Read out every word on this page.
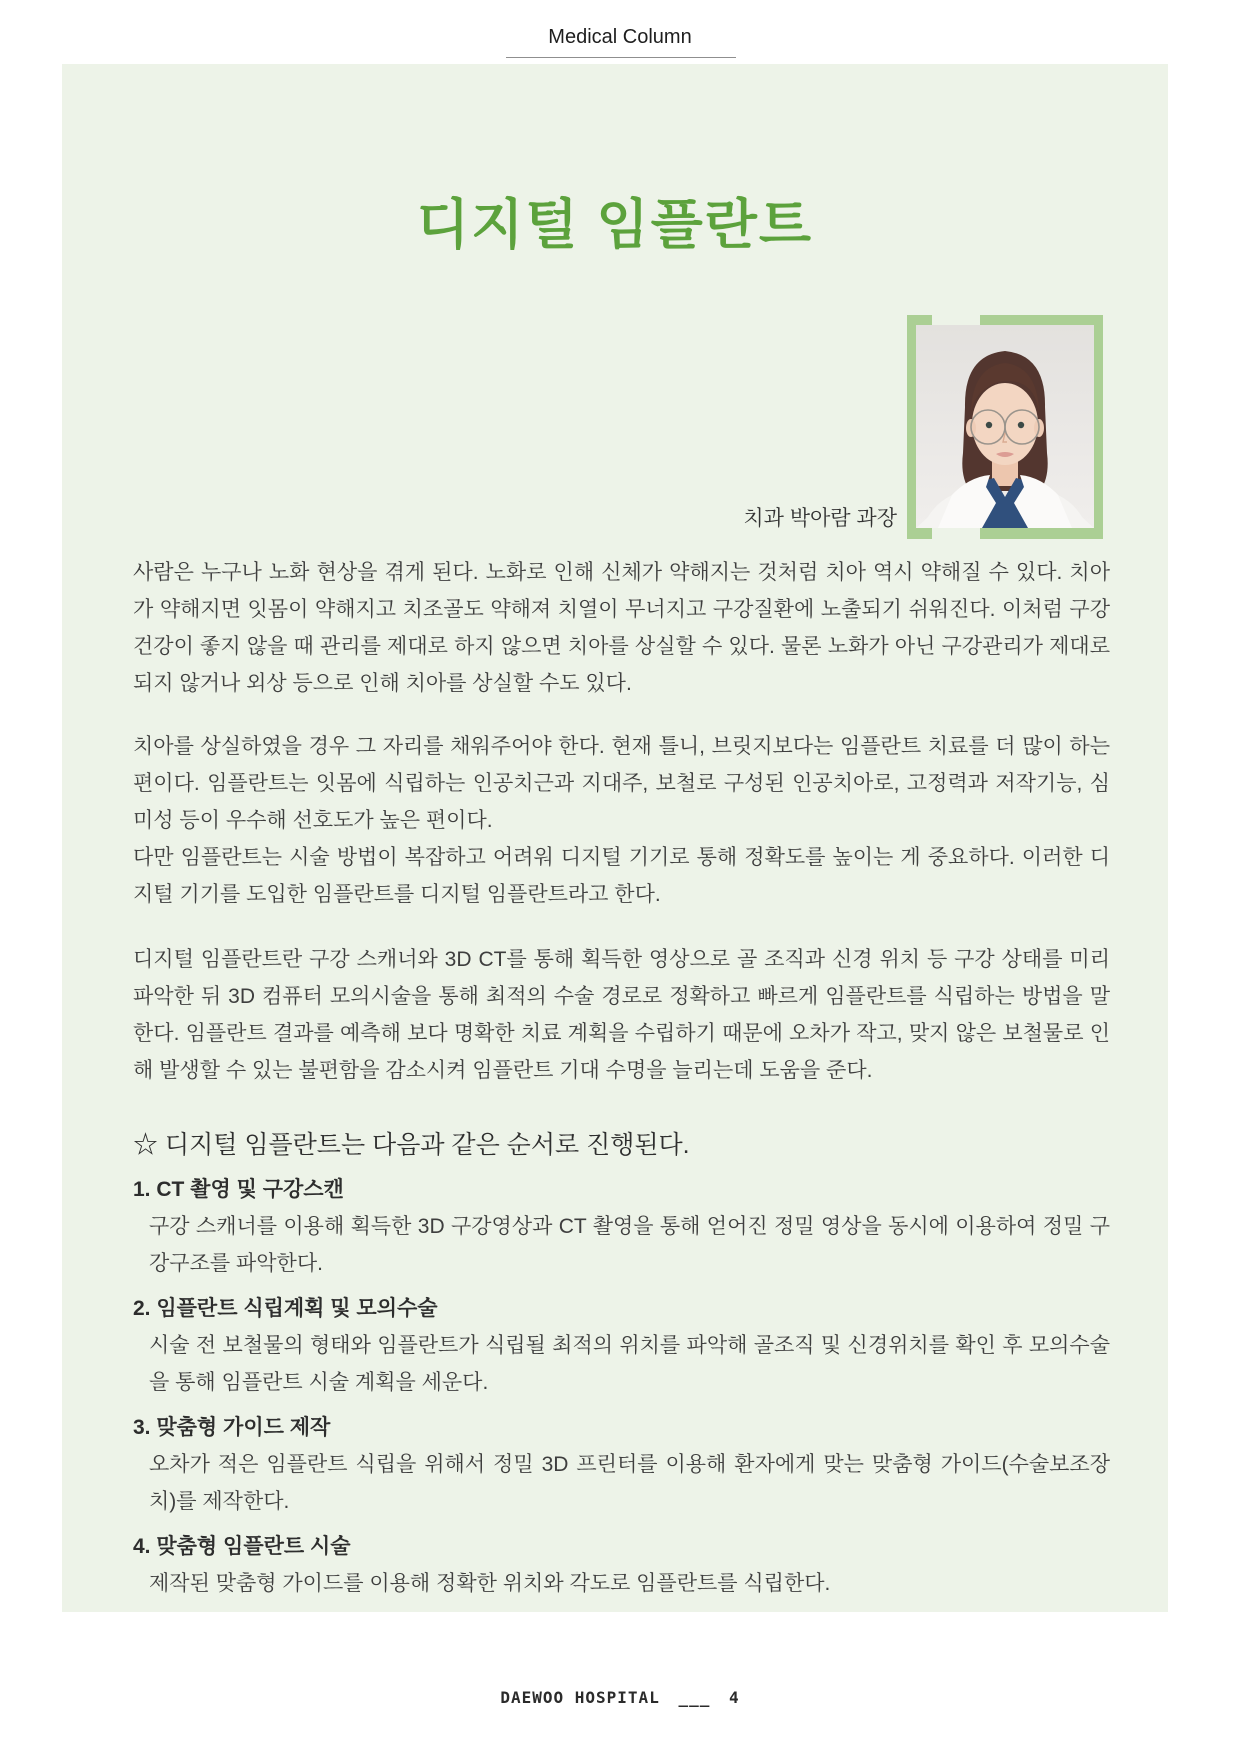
Medical Column
디지털 임플란트
치과 박아람 과장

사람은 누구나 노화 현상을 겪게 된다. 노화로 인해 신체가 약해지는 것처럼 치아 역시 약해질 수 있다. 치아가 약해지면 잇몸이 약해지고 치조골도 약해져 치열이 무너지고 구강질환에 노출되기 쉬워진다. 이처럼 구강 건강이 좋지 않을 때 관리를 제대로 하지 않으면 치아를 상실할 수 있다. 물론 노화가 아닌 구강관리가 제대로 되지 않거나 외상 등으로 인해 치아를 상실할 수도 있다.

치아를 상실하였을 경우 그 자리를 채워주어야 한다. 현재 틀니, 브릿지보다는 임플란트 치료를 더 많이 하는 편이다. 임플란트는 잇몸에 식립하는 인공치근과 지대주, 보철로 구성된 인공치아로, 고정력과 저작기능, 심미성 등이 우수해 선호도가 높은 편이다.

다만 임플란트는 시술 방법이 복잡하고 어려워 디지털 기기로 통해 정확도를 높이는 게 중요하다. 이러한 디지털 기기를 도입한 임플란트를 디지털 임플란트라고 한다.

디지털 임플란트란 구강 스캐너와 3D CT를 통해 획득한 영상으로 골 조직과 신경 위치 등 구강 상태를 미리 파악한 뒤 3D 컴퓨터 모의시술을 통해 최적의 수술 경로로 정확하고 빠르게 임플란트를 식립하는 방법을 말한다. 임플란트 결과를 예측해 보다 명확한 치료 계획을 수립하기 때문에 오차가 작고, 맞지 않은 보철물로 인해 발생할 수 있는 불편함을 감소시켜 임플란트 기대 수명을 늘리는데 도움을 준다.

☆ 디지털 임플란트는 다음과 같은 순서로 진행된다.

1. CT 촬영 및 구강스캔

구강 스캐너를 이용해 획득한 3D 구강영상과 CT 촬영을 통해 얻어진 정밀 영상을 동시에 이용하여 정밀 구강구조를 파악한다.

2. 임플란트 식립계획 및 모의수술

시술 전 보철물의 형태와 임플란트가 식립될 최적의 위치를 파악해 골조직 및 신경위치를 확인 후 모의수술을 통해 임플란트 시술 계획을 세운다.

3. 맞춤형 가이드 제작

오차가 적은 임플란트 식립을 위해서 정밀 3D 프린터를 이용해 환자에게 맞는 맞춤형 가이드(수술보조장치)를 제작한다.

4. 맞춤형 임플란트 시술

제작된 맞춤형 가이드를 이용해 정확한 위치와 각도로 임플란트를 식립한다.

DAEWOO HOSPITAL ___ 4
